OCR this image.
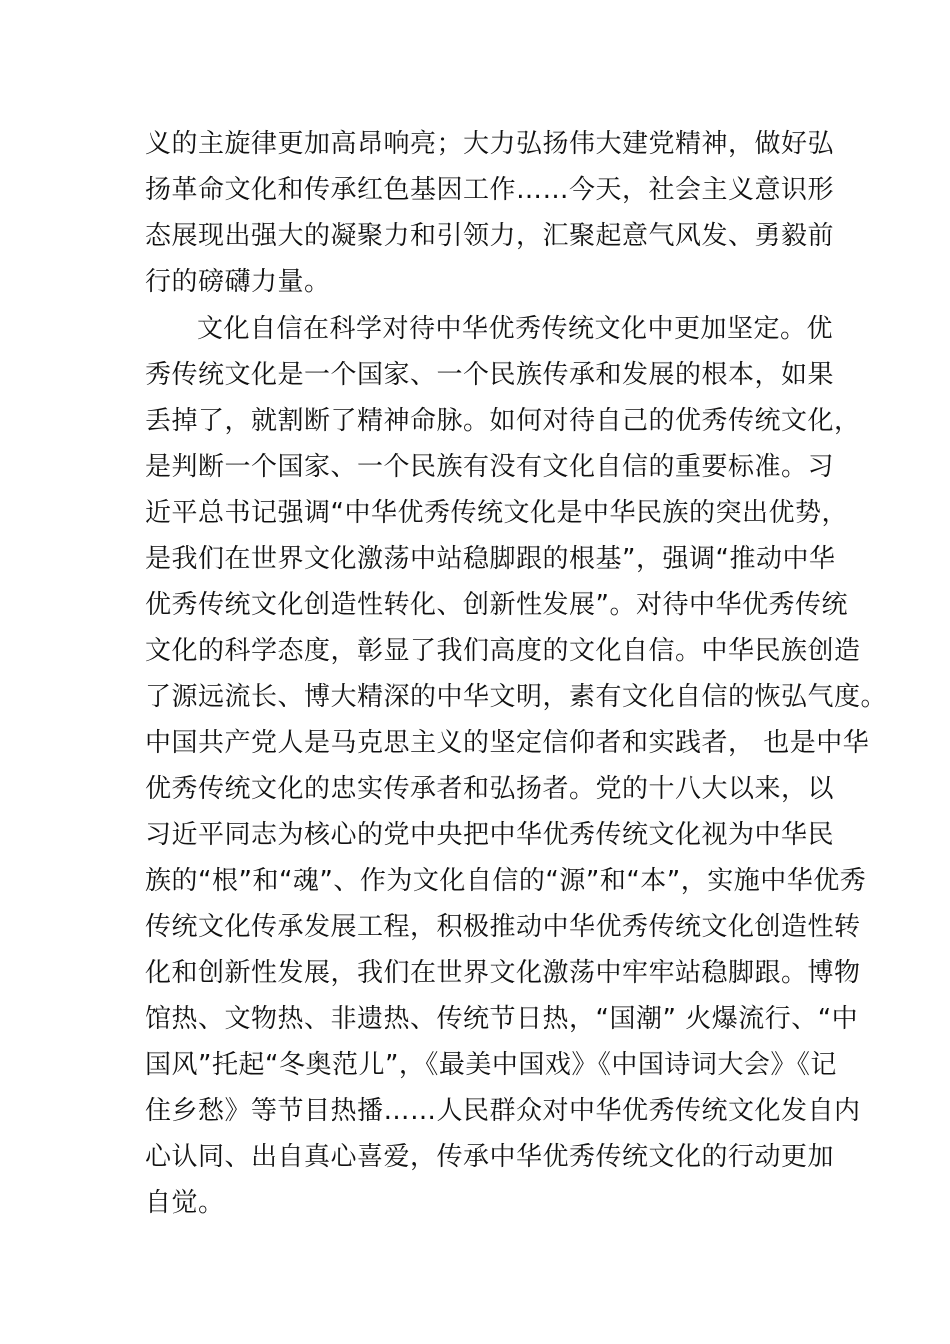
义的主旋律更加高昂响亮；大力弘扬伟大建党精神，做好弘
扬革命文化和传承红色基因工作……今天，社会主义意识形
态展现出强大的凝聚力和引领力，汇聚起意气风发、勇毅前
行的磅礴力量。
文化自信在科学对待中华优秀传统文化中更加坚定。优
秀传统文化是一个国家、一个民族传承和发展的根本，如果
丢掉了，就割断了精神命脉。如何对待自己的优秀传统文化，
是判断一个国家、一个民族有没有文化自信的重要标准。习
近平总书记强调“中华优秀传统文化是中华民族的突出优势，
是我们在世界文化激荡中站稳脚跟的根基”，强调“推动中华
优秀传统文化创造性转化、创新性发展”。对待中华优秀传统
文化的科学态度，彰显了我们高度的文化自信。中华民族创造
了源远流长、博大精深的中华文明，素有文化自信的恢弘气度。
中国共产党人是马克思主义的坚定信仰者和实践者， 也是中华
优秀传统文化的忠实传承者和弘扬者。党的十八大以来，以
习近平同志为核心的党中央把中华优秀传统文化视为中华民
族的“根”和“魂”、作为文化自信的“源”和“本”，实施中华优秀
传统文化传承发展工程，积极推动中华优秀传统文化创造性转
化和创新性发展，我们在世界文化激荡中牢牢站稳脚跟。博物
馆热、文物热、非遗热、传统节日热，“国潮” 火爆流行、“中
国风”托起“冬奥范儿”，《最美中国戏》《中国诗词大会》《记
住乡愁》等节目热播……人民群众对中华优秀传统文化发自内
心认同、出自真心喜爱，传承中华优秀传统文化的行动更加
自觉。
